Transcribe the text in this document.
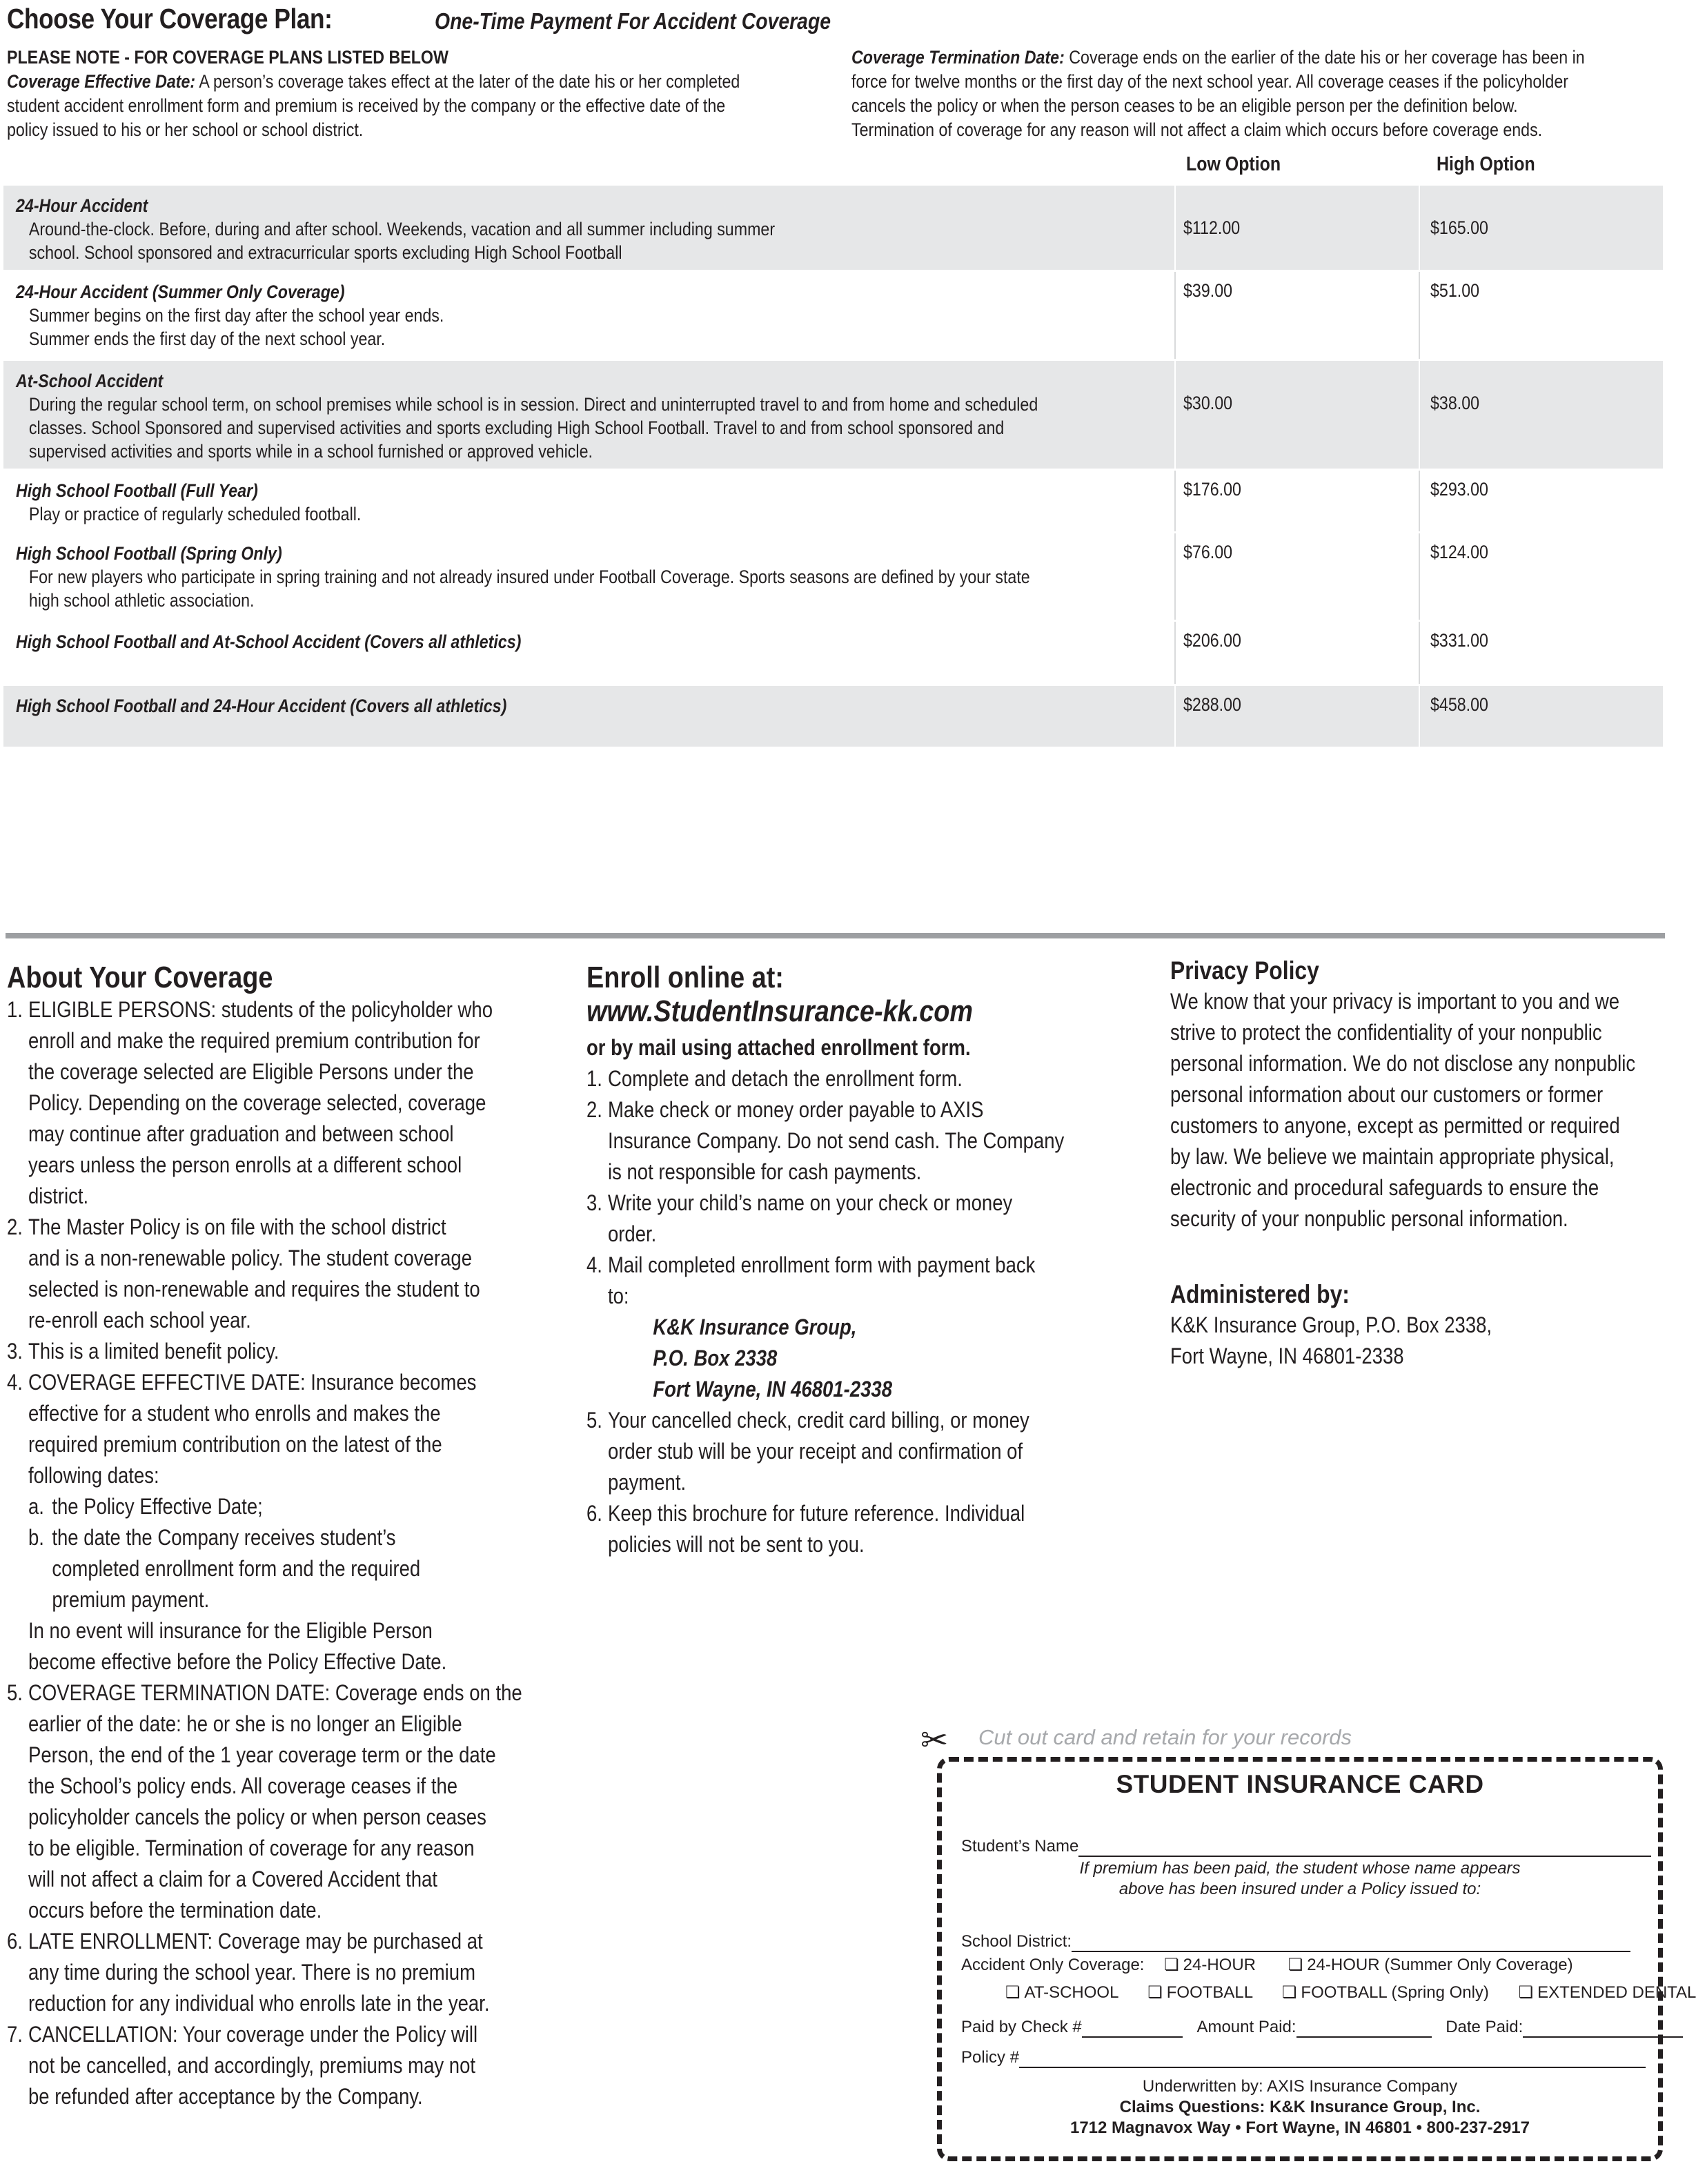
Choose Your Coverage Plan:	One-Time Payment For Accident Coverage
PLEASE NOTE - FOR COVERAGE PLANS LISTED BELOW
Coverage Effective Date: A person’s coverage takes effect at the later of the date his or her completed
student accident enrollment form and premium is received by the company or the effective date of the
policy issued to his or her school or school district.
Coverage Termination Date: Coverage ends on the earlier of the date his or her coverage has been in
force for twelve months or the first day of the next school year. All coverage ceases if the policyholder
cancels the policy or when the person ceases to be an eligible person per the definition below.
Termination of coverage for any reason will not affect a claim which occurs before coverage ends.
Low Option	High Option
24-Hour Accident
Around-the-clock. Before, during and after school. Weekends, vacation and all summer including summer
school. School sponsored and extracurricular sports excluding High School Football
$112.00	$165.00
24-Hour Accident (Summer Only Coverage)
Summer begins on the first day after the school year ends.
Summer ends the first day of the next school year.
$39.00	$51.00
At-School Accident
During the regular school term, on school premises while school is in session. Direct and uninterrupted travel to and from home and scheduled
classes. School Sponsored and supervised activities and sports excluding High School Football. Travel to and from school sponsored and
supervised activities and sports while in a school furnished or approved vehicle.
$30.00	$38.00
High School Football (Full Year)
Play or practice of regularly scheduled football.
$176.00	$293.00
High School Football (Spring Only)
For new players who participate in spring training and not already insured under Football Coverage. Sports seasons are defined by your state
high school athletic association.
$76.00	$124.00
High School Football and At-School Accident (Covers all athletics)	$206.00	$331.00
High School Football and 24-Hour Accident (Covers all athletics)	$288.00	$458.00
About Your Coverage
1. ELIGIBLE PERSONS: students of the policyholder who
enroll and make the required premium contribution for
the coverage selected are Eligible Persons under the
Policy. Depending on the coverage selected, coverage
may continue after graduation and between school
years unless the person enrolls at a different school
district.
2. The Master Policy is on file with the school district
and is a non-renewable policy. The student coverage
selected is non-renewable and requires the student to
re-enroll each school year.
3. This is a limited benefit policy.
4. COVERAGE EFFECTIVE DATE: Insurance becomes
effective for a student who enrolls and makes the
required premium contribution on the latest of the
following dates:
a. the Policy Effective Date;
b. the date the Company receives student’s
completed enrollment form and the required
premium payment.
In no event will insurance for the Eligible Person
become effective before the Policy Effective Date.
5. COVERAGE TERMINATION DATE: Coverage ends on the
earlier of the date: he or she is no longer an Eligible
Person, the end of the 1 year coverage term or the date
the School’s policy ends. All coverage ceases if the
policyholder cancels the policy or when person ceases
to be eligible. Termination of coverage for any reason
will not affect a claim for a Covered Accident that
occurs before the termination date.
6. LATE ENROLLMENT: Coverage may be purchased at
any time during the school year. There is no premium
reduction for any individual who enrolls late in the year.
7. CANCELLATION: Your coverage under the Policy will
not be cancelled, and accordingly, premiums may not
be refunded after acceptance by the Company.
Enroll online at:
www.StudentInsurance-kk.com
or by mail using attached enrollment form.
1. Complete and detach the enrollment form.
2. Make check or money order payable to AXIS
Insurance Company. Do not send cash. The Company
is not responsible for cash payments.
3. Write your child’s name on your check or money
order.
4. Mail completed enrollment form with payment back
to:
K&K Insurance Group,
P.O. Box 2338
Fort Wayne, IN 46801-2338
5. Your cancelled check, credit card billing, or money
order stub will be your receipt and confirmation of
payment.
6. Keep this brochure for future reference. Individual
policies will not be sent to you.
Privacy Policy
We know that your privacy is important to you and we
strive to protect the confidentiality of your nonpublic
personal information. We do not disclose any nonpublic
personal information about our customers or former
customers to anyone, except as permitted or required
by law. We believe we maintain appropriate physical,
electronic and procedural safeguards to ensure the
security of your nonpublic personal information.
Administered by:
K&K Insurance Group, P.O. Box 2338,
Fort Wayne, IN 46801-2338
✂ Cut out card and retain for your records
STUDENT INSURANCE CARD
Student’s Name
If premium has been paid, the student whose name appears
above has been insured under a Policy issued to:
School District:
Accident Only Coverage: ❏ 24-HOUR ❏ 24-HOUR (Summer Only Coverage)
❏ AT-SCHOOL ❏ FOOTBALL ❏ FOOTBALL (Spring Only) ❏ EXTENDED DENTAL
Paid by Check #	Amount Paid:	Date Paid:
Policy #
Underwritten by: AXIS Insurance Company
Claims Questions: K&K Insurance Group, Inc.
1712 Magnavox Way • Fort Wayne, IN 46801 • 800-237-2917
